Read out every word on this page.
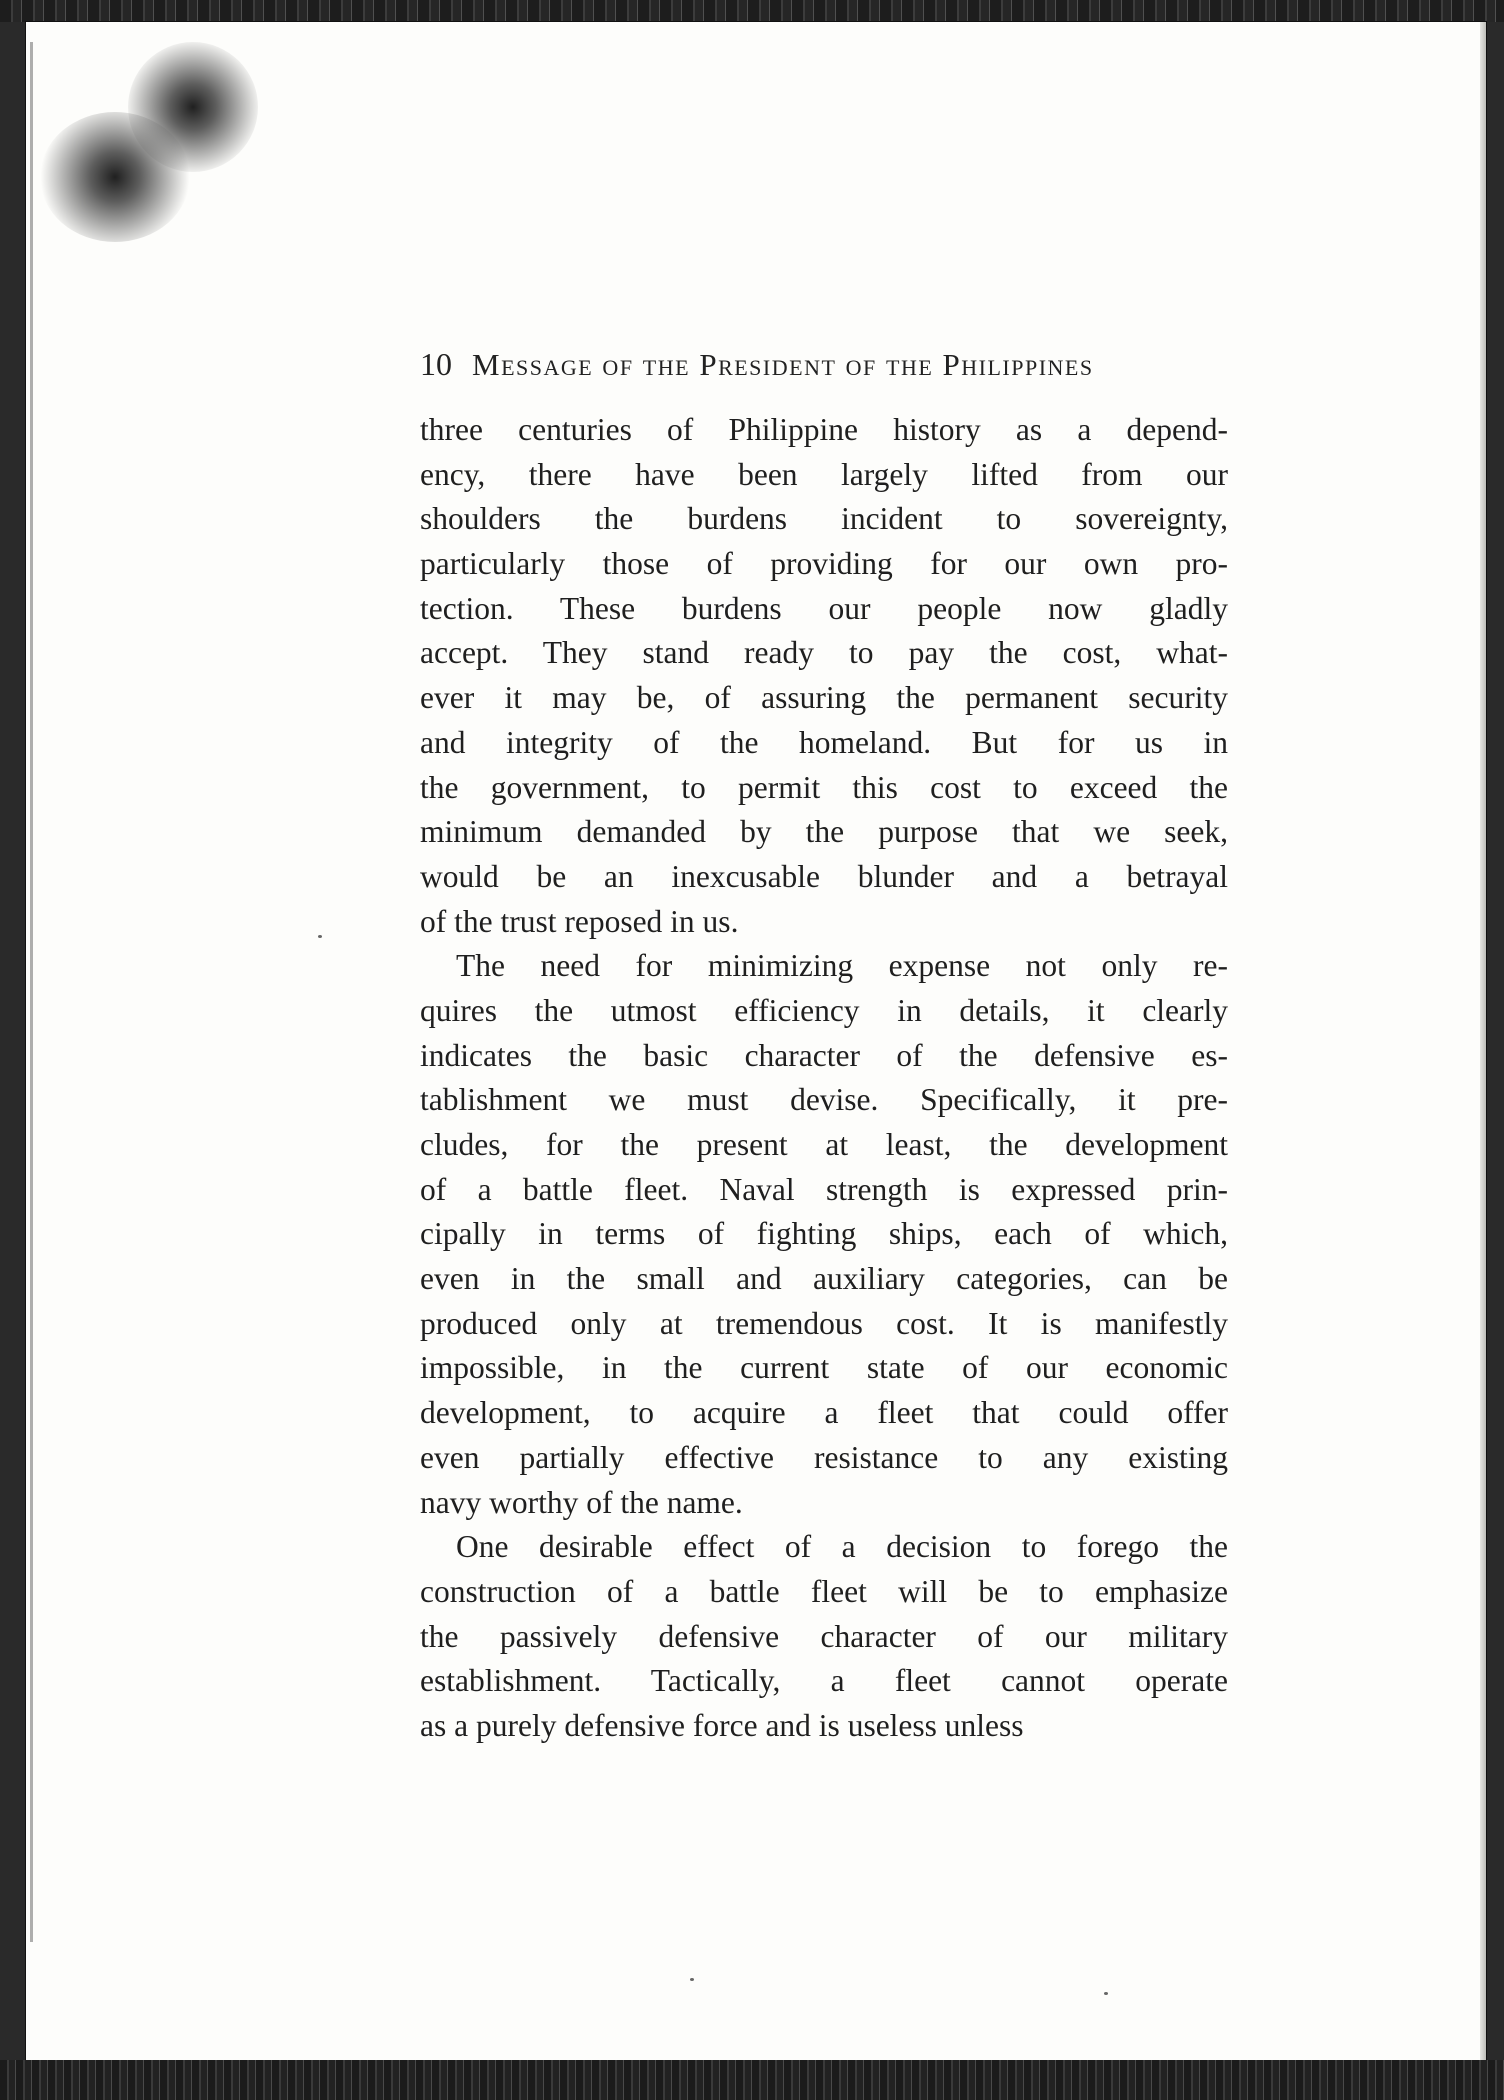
10 Message of the President of the Philippines
three centuries of Philippine history as a depend-
ency, there have been largely lifted from our
shoulders the burdens incident to sovereignty,
particularly those of providing for our own pro-
tection. These burdens our people now gladly
accept. They stand ready to pay the cost, what-
ever it may be, of assuring the permanent security
and integrity of the homeland. But for us in
the government, to permit this cost to exceed the
minimum demanded by the purpose that we seek,
would be an inexcusable blunder and a betrayal
of the trust reposed in us.
The need for minimizing expense not only re-
quires the utmost efficiency in details, it clearly
indicates the basic character of the defensive es-
tablishment we must devise. Specifically, it pre-
cludes, for the present at least, the development
of a battle fleet. Naval strength is expressed prin-
cipally in terms of fighting ships, each of which,
even in the small and auxiliary categories, can be
produced only at tremendous cost. It is manifestly
impossible, in the current state of our economic
development, to acquire a fleet that could offer
even partially effective resistance to any existing
navy worthy of the name.
One desirable effect of a decision to forego the
construction of a battle fleet will be to emphasize
the passively defensive character of our military
establishment. Tactically, a fleet cannot operate
as a purely defensive force and is useless unless
